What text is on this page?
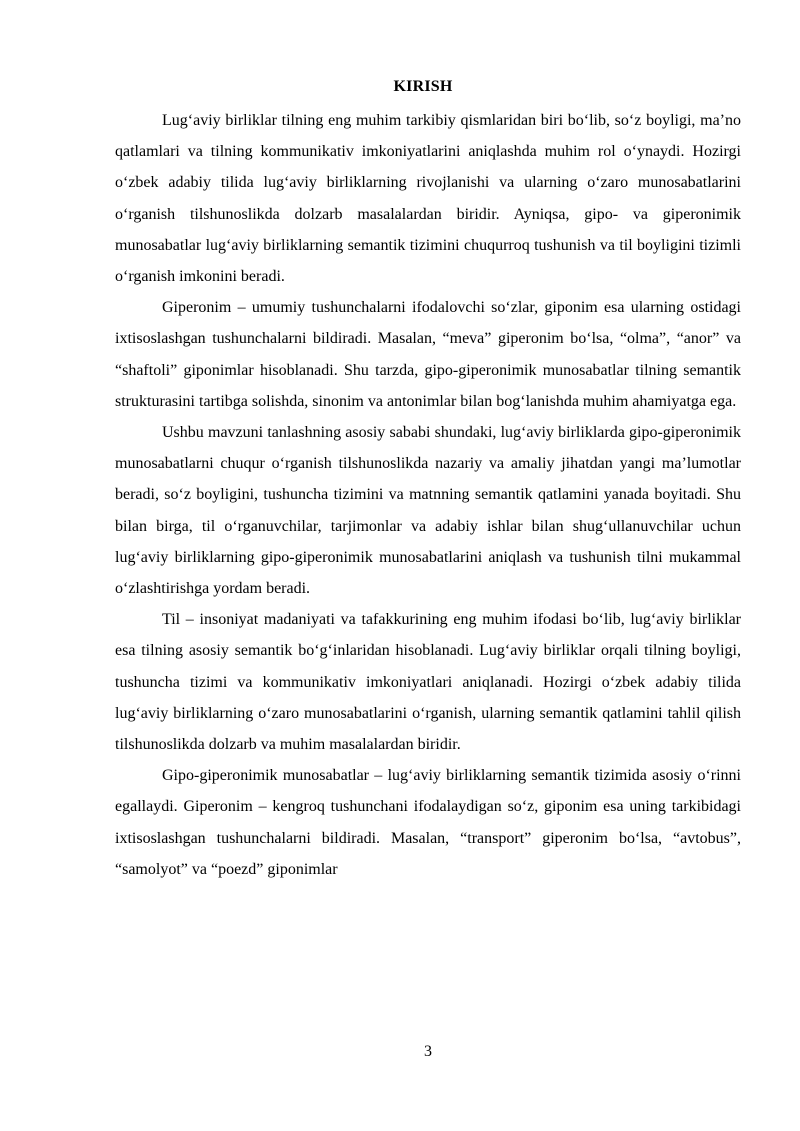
KIRISH

Lug‘aviy birliklar tilning eng muhim tarkibiy qismlaridan biri bo‘lib, so‘z boyligi, ma’no qatlamlari va tilning kommunikativ imkoniyatlarini aniqlashda muhim rol o‘ynaydi. Hozirgi o‘zbek adabiy tilida lug‘aviy birliklarning rivojlanishi va ularning o‘zaro munosabatlarini o‘rganish tilshunoslikda dolzarb masalalardan biridir. Ayniqsa, gipo- va giperonimik munosabatlar lug‘aviy birliklarning semantik tizimini chuqurroq tushunish va til boyligini tizimli o‘rganish imkonini beradi.

Giperonim – umumiy tushunchalarni ifodalovchi so‘zlar, giponim esa ularning ostidagi ixtisoslashgan tushunchalarni bildiradi. Masalan, “meva” giperonim bo‘lsa, “olma”, “anor” va “shaftoli” giponimlar hisoblanadi. Shu tarzda, gipo-giperonimik munosabatlar tilning semantik strukturasini tartibga solishda, sinonim va antonimlar bilan bog‘lanishda muhim ahamiyatga ega.

Ushbu mavzuni tanlashning asosiy sababi shundaki, lug‘aviy birliklarda gipo-giperonimik munosabatlarni chuqur o‘rganish tilshunoslikda nazariy va amaliy jihatdan yangi ma’lumotlar beradi, so‘z boyligini, tushuncha tizimini va matnning semantik qatlamini yanada boyitadi. Shu bilan birga, til o‘rganuvchilar, tarjimonlar va adabiy ishlar bilan shug‘ullanuvchilar uchun lug‘aviy birliklarning gipo-giperonimik munosabatlarini aniqlash va tushunish tilni mukammal o‘zlashtirishga yordam beradi.

Til – insoniyat madaniyati va tafakkurining eng muhim ifodasi bo‘lib, lug‘aviy birliklar esa tilning asosiy semantik bo‘g‘inlaridan hisoblanadi. Lug‘aviy birliklar orqali tilning boyligi, tushuncha tizimi va kommunikativ imkoniyatlari aniqlanadi. Hozirgi o‘zbek adabiy tilida lug‘aviy birliklarning o‘zaro munosabatlarini o‘rganish, ularning semantik qatlamini tahlil qilish tilshunoslikda dolzarb va muhim masalalardan biridir.

Gipo-giperonimik munosabatlar – lug‘aviy birliklarning semantik tizimida asosiy o‘rinni egallaydi. Giperonim – kengroq tushunchani ifodalaydigan so‘z, giponim esa uning tarkibidagi ixtisoslashgan tushunchalarni bildiradi. Masalan, “transport” giperonim bo‘lsa, “avtobus”, “samolyot” va “poezd” giponimlar

3
